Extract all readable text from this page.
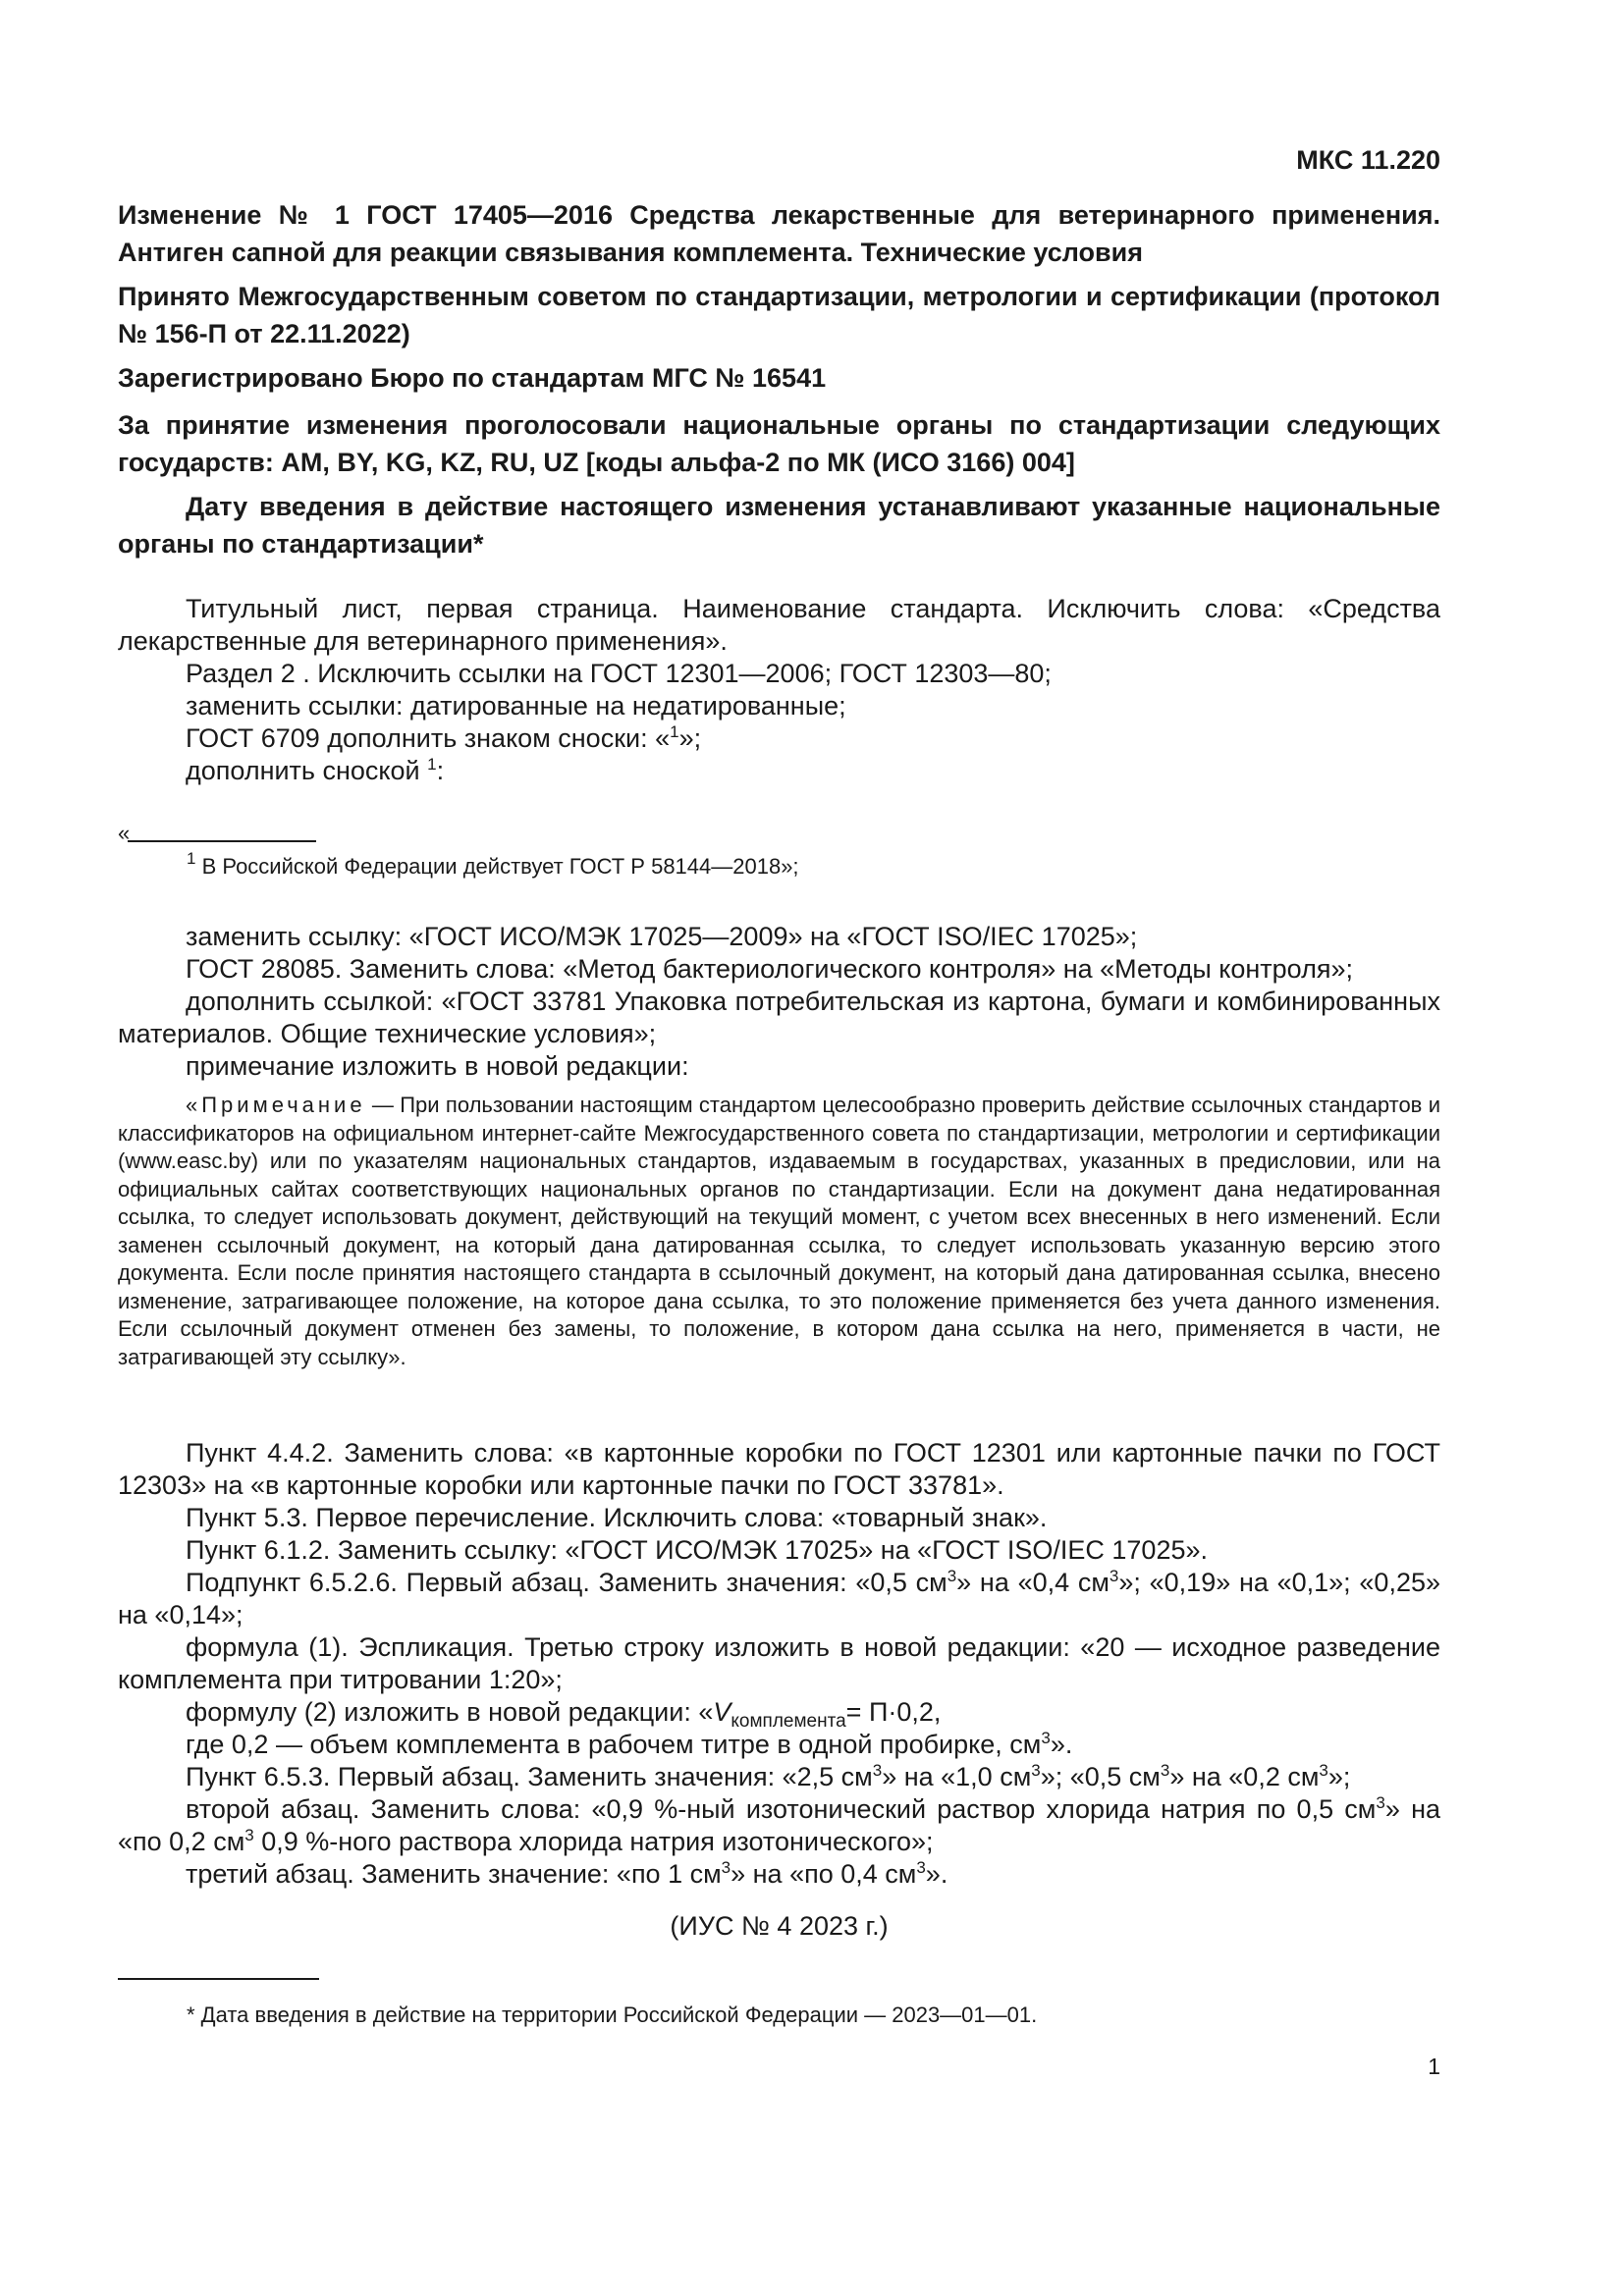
МКС 11.220

Изменение № 1 ГОСТ 17405—2016 Средства лекарственные для ветеринарного применения. Антиген сапной для реакции связывания комплемента. Технические условия

Принято Межгосударственным советом по стандартизации, метрологии и сертификации (протокол № 156-П от 22.11.2022)

Зарегистрировано Бюро по стандартам МГС № 16541

За принятие изменения проголосовали национальные органы по стандартизации следующих государств: AM, BY, KG, KZ, RU, UZ [коды альфа-2 по МК (ИСО 3166) 004]

Дату введения в действие настоящего изменения устанавливают указанные национальные органы по стандартизации*

Титульный лист, первая страница. Наименование стандарта. Исключить слова: «Средства лекарственные для ветеринарного применения».

Раздел 2 . Исключить ссылки на ГОСТ 12301—2006; ГОСТ 12303—80;

заменить ссылки: датированные на недатированные;

ГОСТ 6709 дополнить знаком сноски: «$^1$»;

дополнить сноской $^1$:

«
$^1$ В Российской Федерации действует ГОСТ Р 58144—2018»;

заменить ссылку: «ГОСТ ИСО/МЭК 17025—2009» на «ГОСТ ISO/IEC 17025»;

ГОСТ 28085. Заменить слова: «Метод бактериологического контроля» на «Методы контроля»;

дополнить ссылкой: «ГОСТ 33781 Упаковка потребительская из картона, бумаги и комбинированных материалов. Общие технические условия»;

примечание изложить в новой редакции:

«Примечание — При пользовании настоящим стандартом целесообразно проверить действие ссылочных стандартов и классификаторов на официальном интернет-сайте Межгосударственного совета по стандартизации, метрологии и сертификации (www.easc.by) или по указателям национальных стандартов, издаваемым в государствах, указанных в предисловии, или на официальных сайтах соответствующих национальных органов по стандартизации. Если на документ дана недатированная ссылка, то следует использовать документ, действующий на текущий момент, с учетом всех внесенных в него изменений. Если заменен ссылочный документ, на который дана датированная ссылка, то следует использовать указанную версию этого документа. Если после принятия настоящего стандарта в ссылочный документ, на который дана датированная ссылка, внесено изменение, затрагивающее положение, на которое дана ссылка, то это положение применяется без учета данного изменения. Если ссылочный документ отменен без замены, то положение, в котором дана ссылка на него, применяется в части, не затрагивающей эту ссылку».

Пункт 4.4.2. Заменить слова: «в картонные коробки по ГОСТ 12301 или картонные пачки по ГОСТ 12303» на «в картонные коробки или картонные пачки по ГОСТ 33781».

Пункт 5.3. Первое перечисление. Исключить слова: «товарный знак».

Пункт 6.1.2. Заменить ссылку: «ГОСТ ИСО/МЭК 17025» на «ГОСТ ISO/IEC 17025».

Подпункт 6.5.2.6. Первый абзац. Заменить значения: «0,5 $см^3$» на «0,4 $см^3$»; «0,19» на «0,1»; «0,25» на «0,14»;

формула (1). Эспликация. Третью строку изложить в новой редакции: «20 — исходное разведение комплемента при титровании 1:20»;

формулу (2) изложить в новой редакции: «$V_{комплемента}= П\cdot 0,2$,

где 0,2 — объем комплемента в рабочем титре в одной пробирке, $см^3$».

Пункт 6.5.3. Первый абзац. Заменить значения: «2,5 $см^3$» на «1,0 $см^3$»; «0,5 $см^3$» на «0,2 $см^3$»;

второй абзац. Заменить слова: «0,9 %-ный изотонический раствор хлорида натрия по 0,5 $см^3$» на «по 0,2 $см^3$ 0,9 %-ного раствора хлорида натрия изотонического»;

третий абзац. Заменить значение: «по 1 $см^3$» на «по 0,4 $см^3$».

(ИУС № 4 2023 г.)
* Дата введения в действие на территории Российской Федерации — 2023—01—01.
1
